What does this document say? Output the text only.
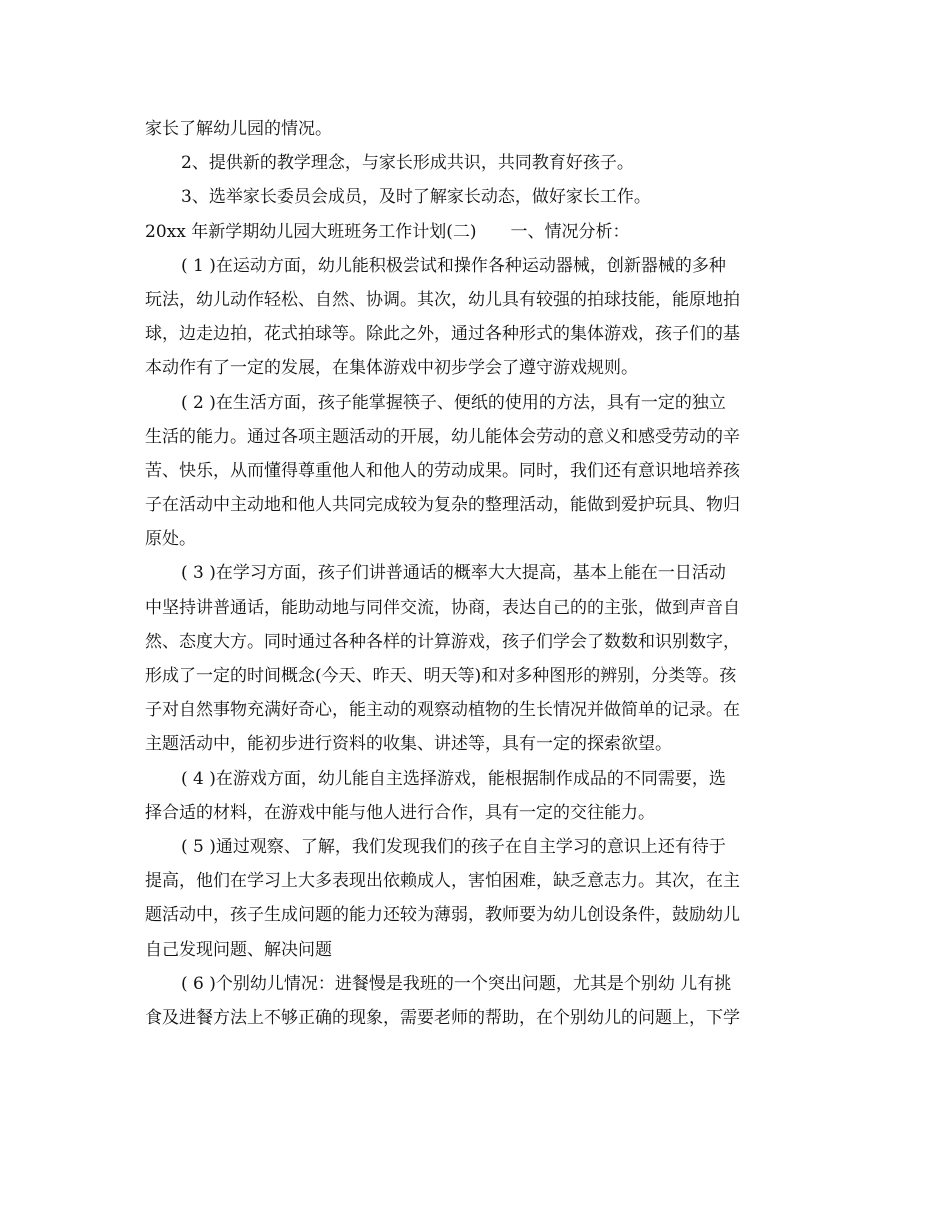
家长了解幼儿园的情况。
2、提供新的教学理念，与家长形成共识，共同教育好孩子。
3、选举家长委员会成员，及时了解家长动态，做好家长工作。
20xx 年新学期幼儿园大班班务工作计划(二)　　一、情况分析：
( 1 )在运动方面，幼儿能积极尝试和操作各种运动器械，创新器械的多种
玩法，幼儿动作轻松、自然、协调。其次，幼儿具有较强的拍球技能，能原地拍
球，边走边拍，花式拍球等。除此之外，通过各种形式的集体游戏，孩子们的基
本动作有了一定的发展，在集体游戏中初步学会了遵守游戏规则。
( 2 )在生活方面，孩子能掌握筷子、便纸的使用的方法，具有一定的独立
生活的能力。通过各项主题活动的开展，幼儿能体会劳动的意义和感受劳动的辛
苦、快乐，从而懂得尊重他人和他人的劳动成果。同时，我们还有意识地培养孩
子在活动中主动地和他人共同完成较为复杂的整理活动，能做到爱护玩具、物归
原处。
( 3 )在学习方面，孩子们讲普通话的概率大大提高，基本上能在一日活动
中坚持讲普通话，能助动地与同伴交流，协商，表达自己的的主张，做到声音自
然、态度大方。同时通过各种各样的计算游戏，孩子们学会了数数和识别数字，
形成了一定的时间概念(今天、昨天、明天等)和对多种图形的辨别，分类等。孩
子对自然事物充满好奇心，能主动的观察动植物的生长情况并做简单的记录。在
主题活动中，能初步进行资料的收集、讲述等，具有一定的探索欲望。
( 4 )在游戏方面，幼儿能自主选择游戏，能根据制作成品的不同需要，选
择合适的材料，在游戏中能与他人进行合作，具有一定的交往能力。
( 5 )通过观察、了解，我们发现我们的孩子在自主学习的意识上还有待于
提高，他们在学习上大多表现出依赖成人，害怕困难，缺乏意志力。其次，在主
题活动中，孩子生成问题的能力还较为薄弱，教师要为幼儿创设条件，鼓励幼儿
自己发现问题、解决问题
( 6 )个别幼儿情况：进餐慢是我班的一个突出问题，尤其是个别幼 儿有挑
食及进餐方法上不够正确的现象，需要老师的帮助，在个别幼儿的问题上，下学
